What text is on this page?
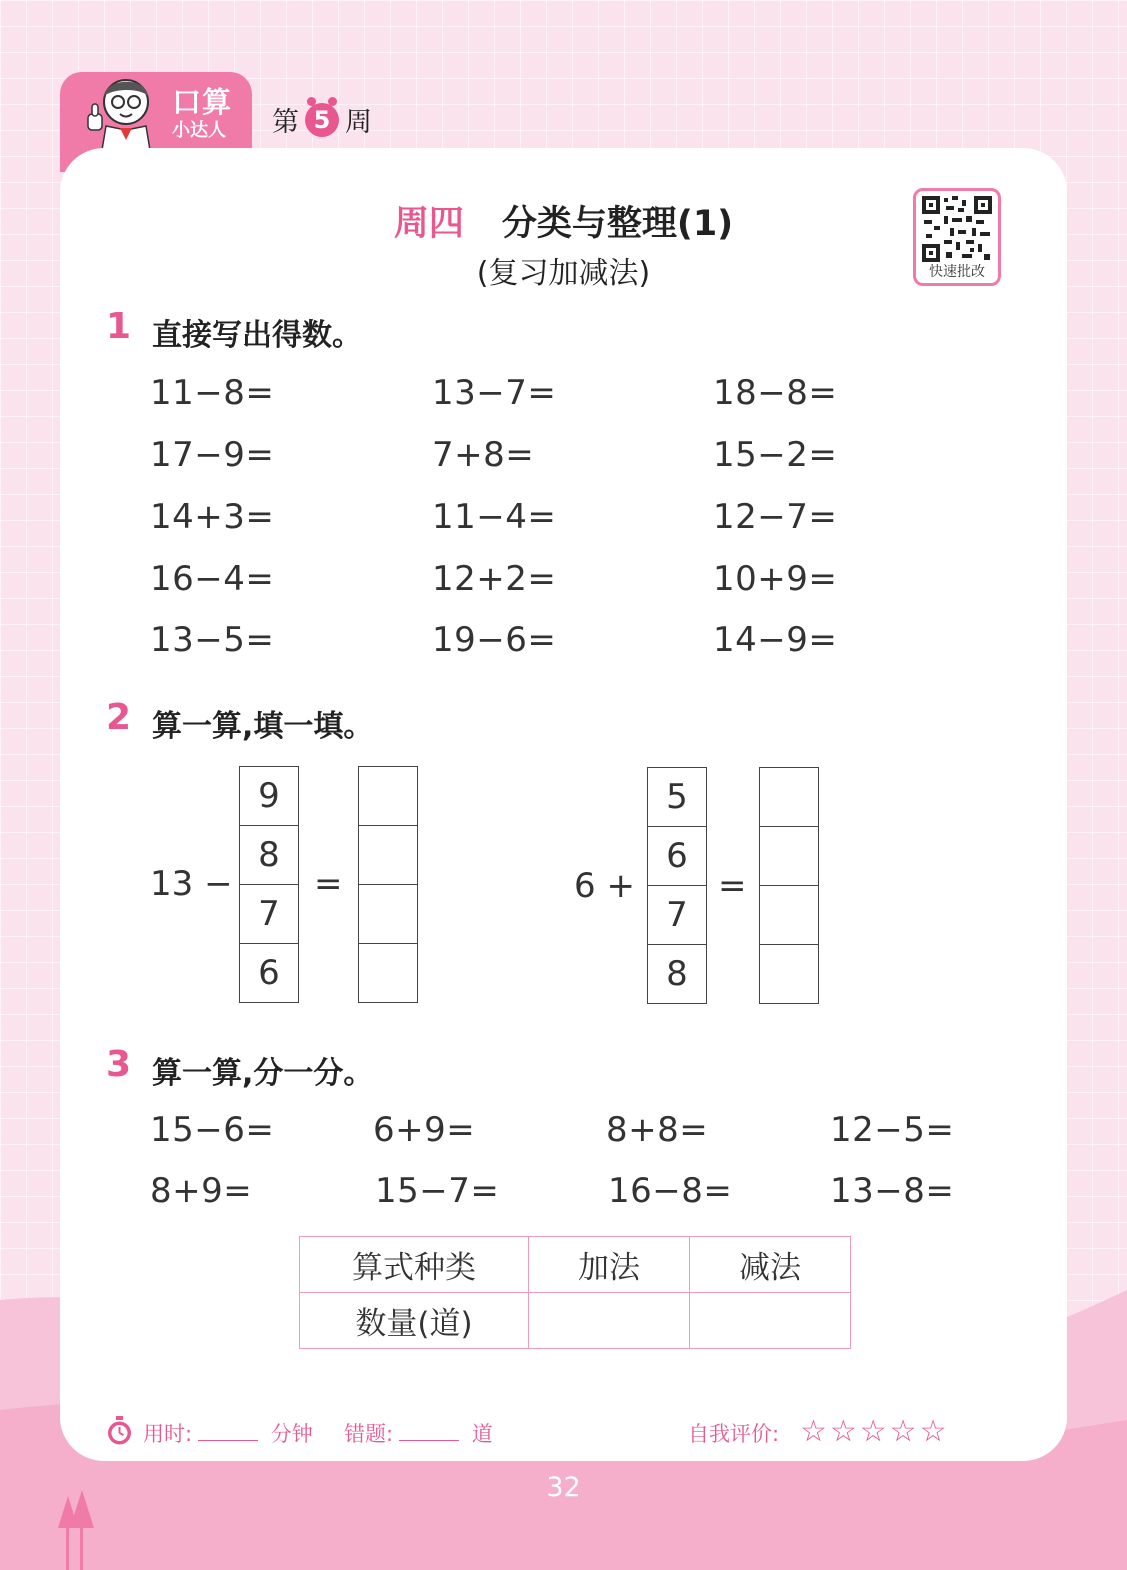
口算
小达人 第 5 周
周四 分类与整理(1)
(复习加减法)	快速批改
1 直接写出得数。
11−8=	13−7=	18−8=
17−9=	7+8=	15−2=
14+3=	11−4=	12−7=
16−4=	12+2=	10+9=
13−5=	19−6=	14−9=
2 算一算,填一填。
13 −
9
8
7
6
=	6 +
5
6
7
8
=
3 算一算,分一分。
15−6=	6+9=	8+8=	12−5=
8+9=	15−7=	16−8=	13−8=
算式种类	加法	减法
数量(道)		
用时:	分钟 错题:	道	自我评价: ☆☆☆☆☆
32
